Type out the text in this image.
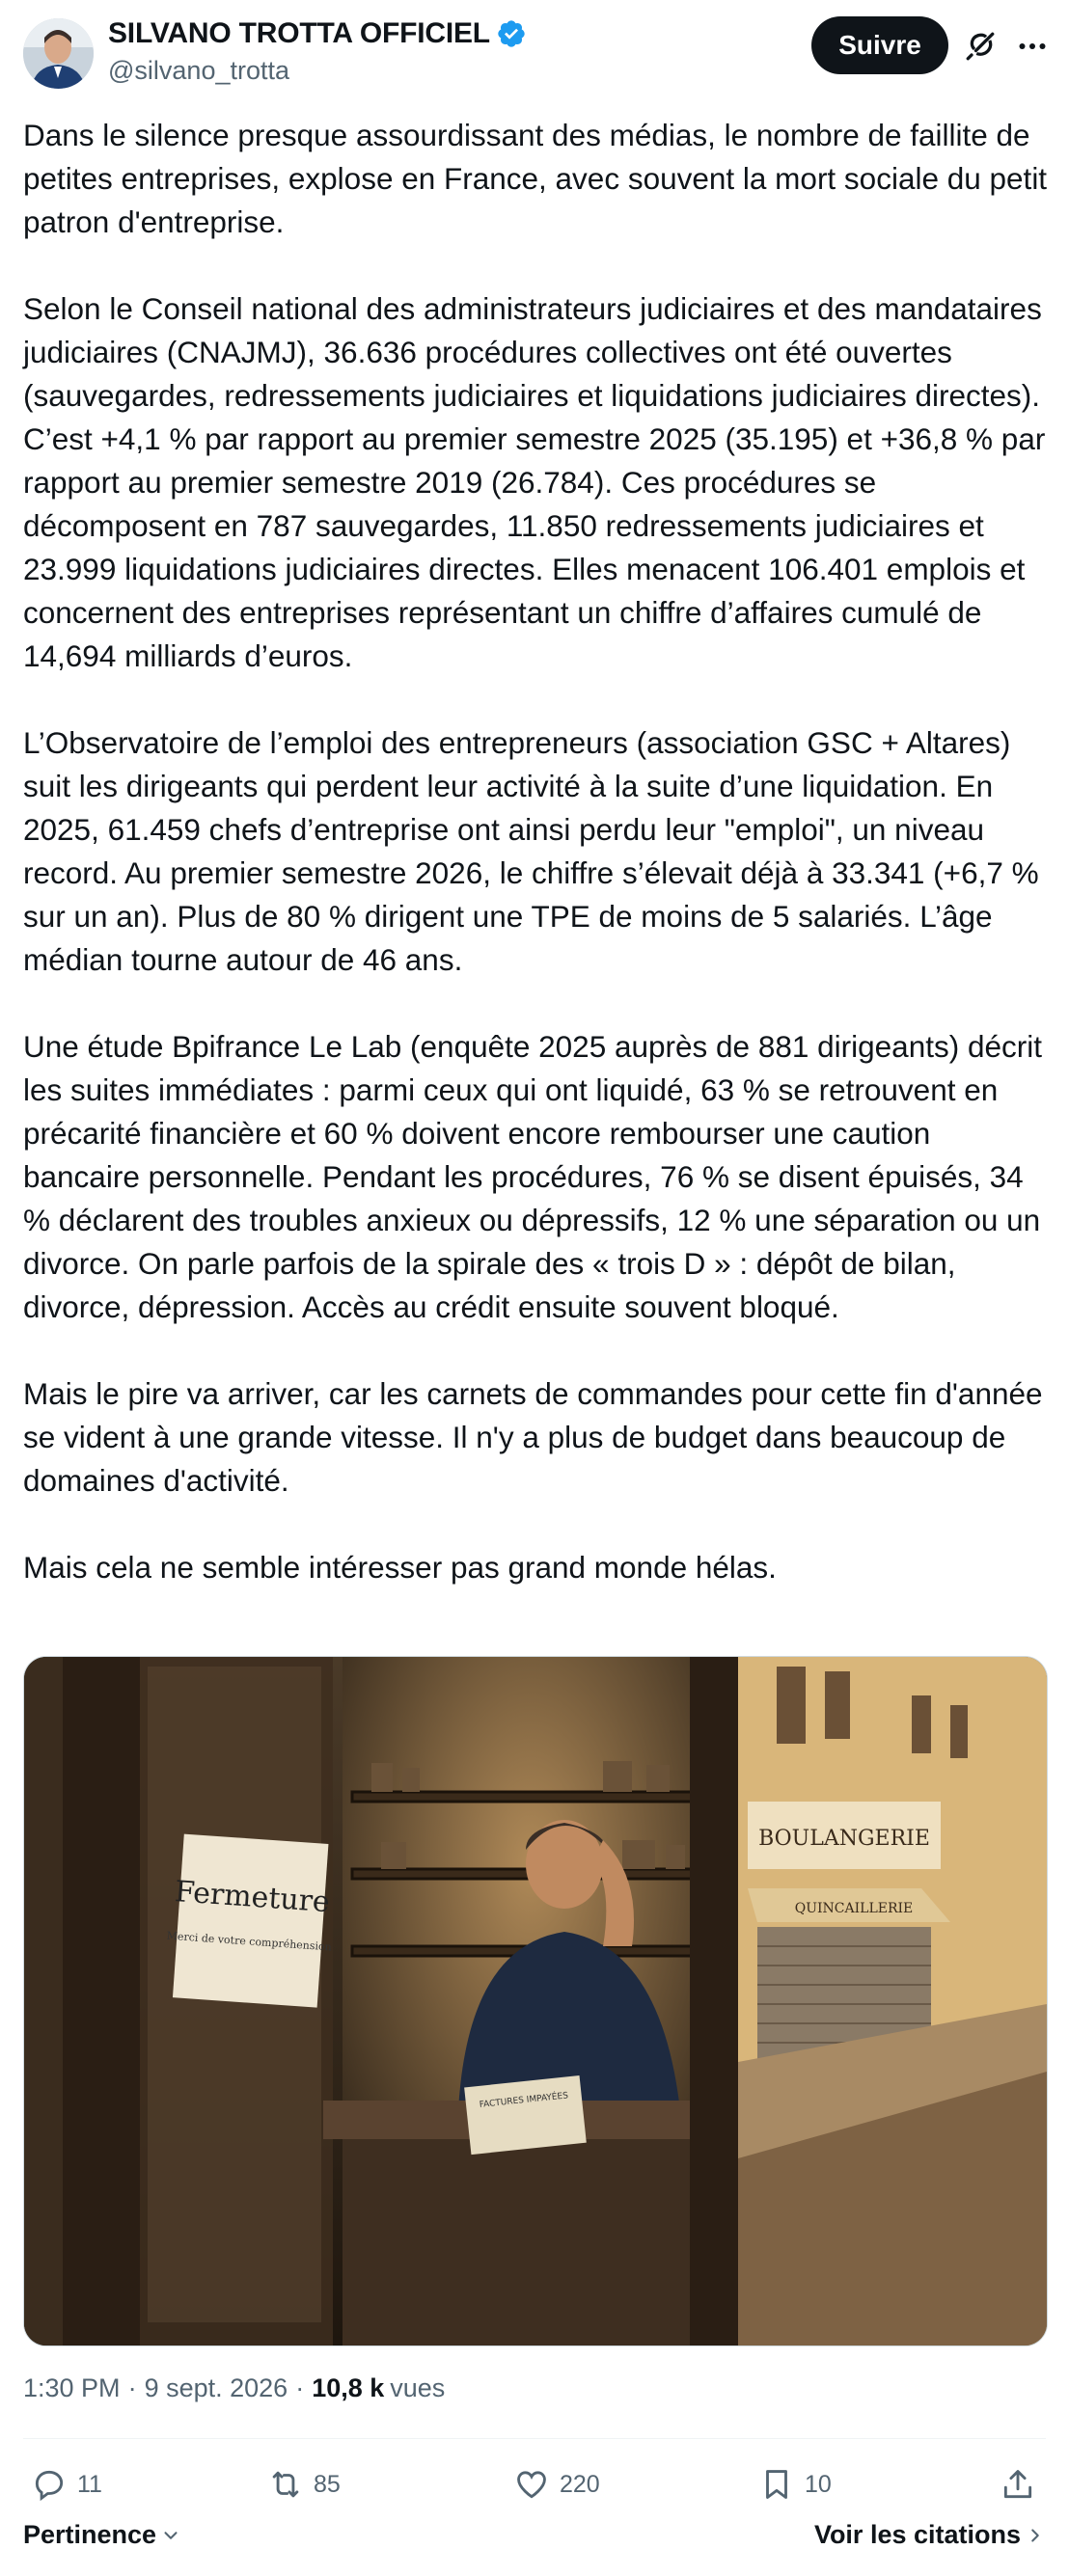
SILVANO TROTTA OFFICIEL
@silvano_trotta
Suivre

Dans le silence presque assourdissant des médias, le nombre de faillite de petites entreprises, explose en France, avec souvent la mort sociale du petit patron d'entreprise.

Selon le Conseil national des administrateurs judiciaires et des mandataires judiciaires (CNAJMJ), 36.636 procédures collectives ont été ouvertes (sauvegardes, redressements judiciaires et liquidations judiciaires directes). C’est +4,1 % par rapport au premier semestre 2025 (35.195) et +36,8 % par rapport au premier semestre 2019 (26.784). Ces procédures se décomposent en 787 sauvegardes, 11.850 redressements judiciaires et 23.999 liquidations judiciaires directes. Elles menacent 106.401 emplois et concernent des entreprises représentant un chiffre d’affaires cumulé de 14,694 milliards d’euros.

L’Observatoire de l’emploi des entrepreneurs (association GSC + Altares) suit les dirigeants qui perdent leur activité à la suite d’une liquidation. En 2025, 61.459 chefs d’entreprise ont ainsi perdu leur "emploi", un niveau record. Au premier semestre 2026, le chiffre s’élevait déjà à 33.341 (+6,7 % sur un an). Plus de 80 % dirigent une TPE de moins de 5 salariés. L’âge médian tourne autour de 46 ans.

Une étude Bpifrance Le Lab (enquête 2025 auprès de 881 dirigeants) décrit les suites immédiates : parmi ceux qui ont liquidé, 63 % se retrouvent en précarité financière et 60 % doivent encore rembourser une caution bancaire personnelle. Pendant les procédures, 76 % se disent épuisés, 34 % déclarent des troubles anxieux ou dépressifs, 12 % une séparation ou un divorce. On parle parfois de la spirale des « trois D » : dépôt de bilan, divorce, dépression. Accès au crédit ensuite souvent bloqué.

Mais le pire va arriver, car les carnets de commandes pour cette fin d'année se vident à une grande vitesse. Il n'y a plus de budget dans beaucoup de domaines d'activité.

Mais cela ne semble intéresser pas grand monde hélas.

Fermeture
Merci de votre compréhension
FACTURES IMPAYÉES
BOULANGERIE
QUINCAILLERIE
1:30 PM · 9 sept. 2026 · 10,8 k vues
11	85	220	10
Pertinence	Voir les citations
